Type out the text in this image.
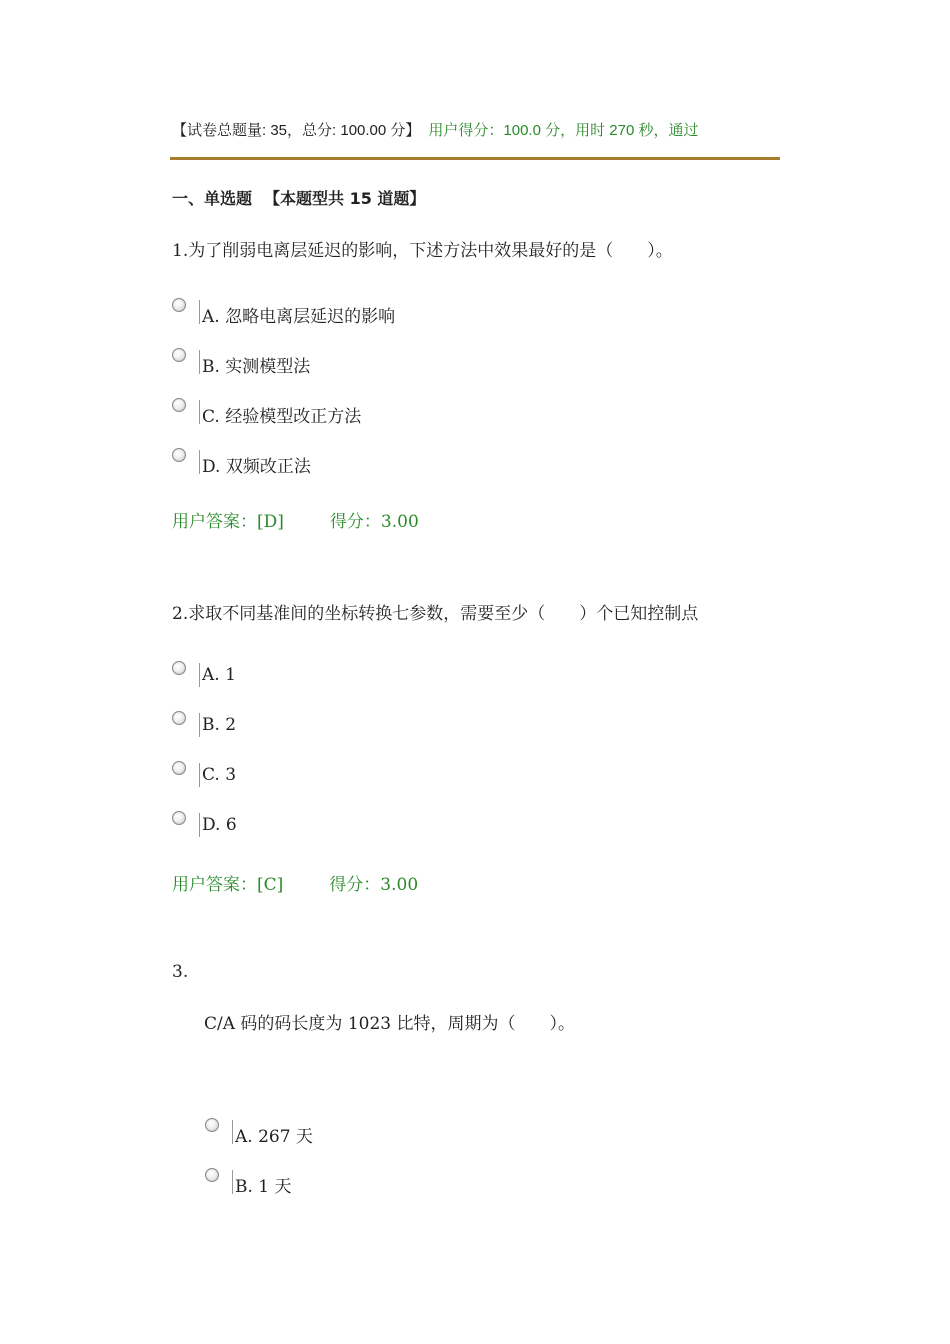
【试卷总题量: 35，总分: 100.00 分】 用户得分：100.0 分，用时 270 秒，通过
一、单选题 【本题型共 15 道题】
1.为了削弱电离层延迟的影响，下述方法中效果最好的是（　　）。
A. 忽略电离层延迟的影响
B. 实测模型法
C. 经验模型改正方法
D. 双频改正法
用户答案：[D]	得分：3.00
2.求取不同基准间的坐标转换七参数，需要至少（　　）个已知控制点
A. 1
B. 2
C. 3
D. 6
用户答案：[C]	得分：3.00
3.
C/A 码的码长度为 1023 比特，周期为（　　）。
A. 267 天
B. 1 天
